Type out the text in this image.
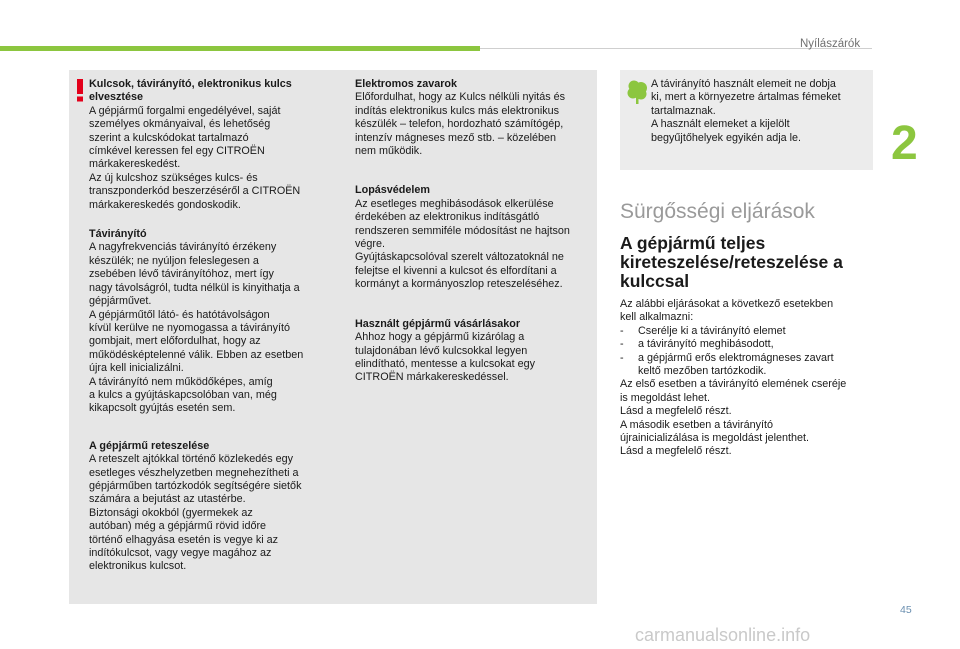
Nyílászárók
2

Kulcsok, távirányító, elektronikus kulcs elvesztése

A gépjármű forgalmi engedélyével, saját

személyes okmányaival, és lehetőség

szerint a kulcskódokat tartalmazó

címkével keressen fel egy CITROËN

márkakereskedést.

Az új kulcshoz szükséges kulcs- és

transzponderkód beszerzéséről a CITROËN

márkakereskedés gondoskodik.

Távirányító

A nagyfrekvenciás távirányító érzékeny

készülék; ne nyúljon feleslegesen a

zsebében lévő távirányítóhoz, mert így

nagy távolságról, tudta nélkül is kinyithatja a

gépjárművet.

A gépjárműtől látó- és hatótávolságon

kívül kerülve ne nyomogassa a távirányító

gombjait, mert előfordulhat, hogy az

működésképtelenné válik. Ebben az esetben

újra kell inicializálni.

A távirányító nem működőképes, amíg

a kulcs a gyújtáskapcsolóban van, még

kikapcsolt gyújtás esetén sem.

A gépjármű reteszelése

A reteszelt ajtókkal történő közlekedés egy

esetleges vészhelyzetben megnehezítheti a

gépjárműben tartózkodók segítségére sietők

számára a bejutást az utastérbe.

Biztonsági okokból (gyermekek az

autóban) még a gépjármű rövid időre

történő elhagyása esetén is vegye ki az

indítókulcsot, vagy vegye magához az

elektronikus kulcsot.

Elektromos zavarok

Előfordulhat, hogy az Kulcs nélküli nyitás és

indítás elektronikus kulcs más elektronikus

készülék – telefon, hordozható számítógép,

intenzív mágneses mező stb. – közelében

nem működik.

Lopásvédelem

Az esetleges meghibásodások elkerülése

érdekében az elektronikus indításgátló

rendszeren semmiféle módosítást ne hajtson

végre.

Gyújtáskapcsolóval szerelt változatoknál ne

felejtse el kivenni a kulcsot és elfordítani a

kormányt a kormányoszlop reteszeléséhez.

Használt gépjármű vásárlásakor

Ahhoz hogy a gépjármű kizárólag a

tulajdonában lévő kulcsokkal legyen

elindítható, mentesse a kulcsokat egy

CITROËN márkakereskedéssel.

A távirányító használt elemeit ne dobja

ki, mert a környezetre ártalmas fémeket

tartalmaznak.

A használt elemeket a kijelölt

begyűjtőhelyek egyikén adja le.

Sürgősségi eljárások
A gépjármű teljes kireteszelése/reteszelése a kulccsal

Az alábbi eljárásokat a következő esetekben

kell alkalmazni:

- Cserélje ki a távirányító elemet
- a távirányító meghibásodott,
- a gépjármű erős elektromágneses zavart
keltő mezőben tartózkodik.

Az első esetben a távirányító elemének cseréje

is megoldást lehet.

Lásd a megfelelő részt.

A második esetben a távirányító

újrainicializálása is megoldást jelenthet.

Lásd a megfelelő részt.

45
carmanualsonline.info
